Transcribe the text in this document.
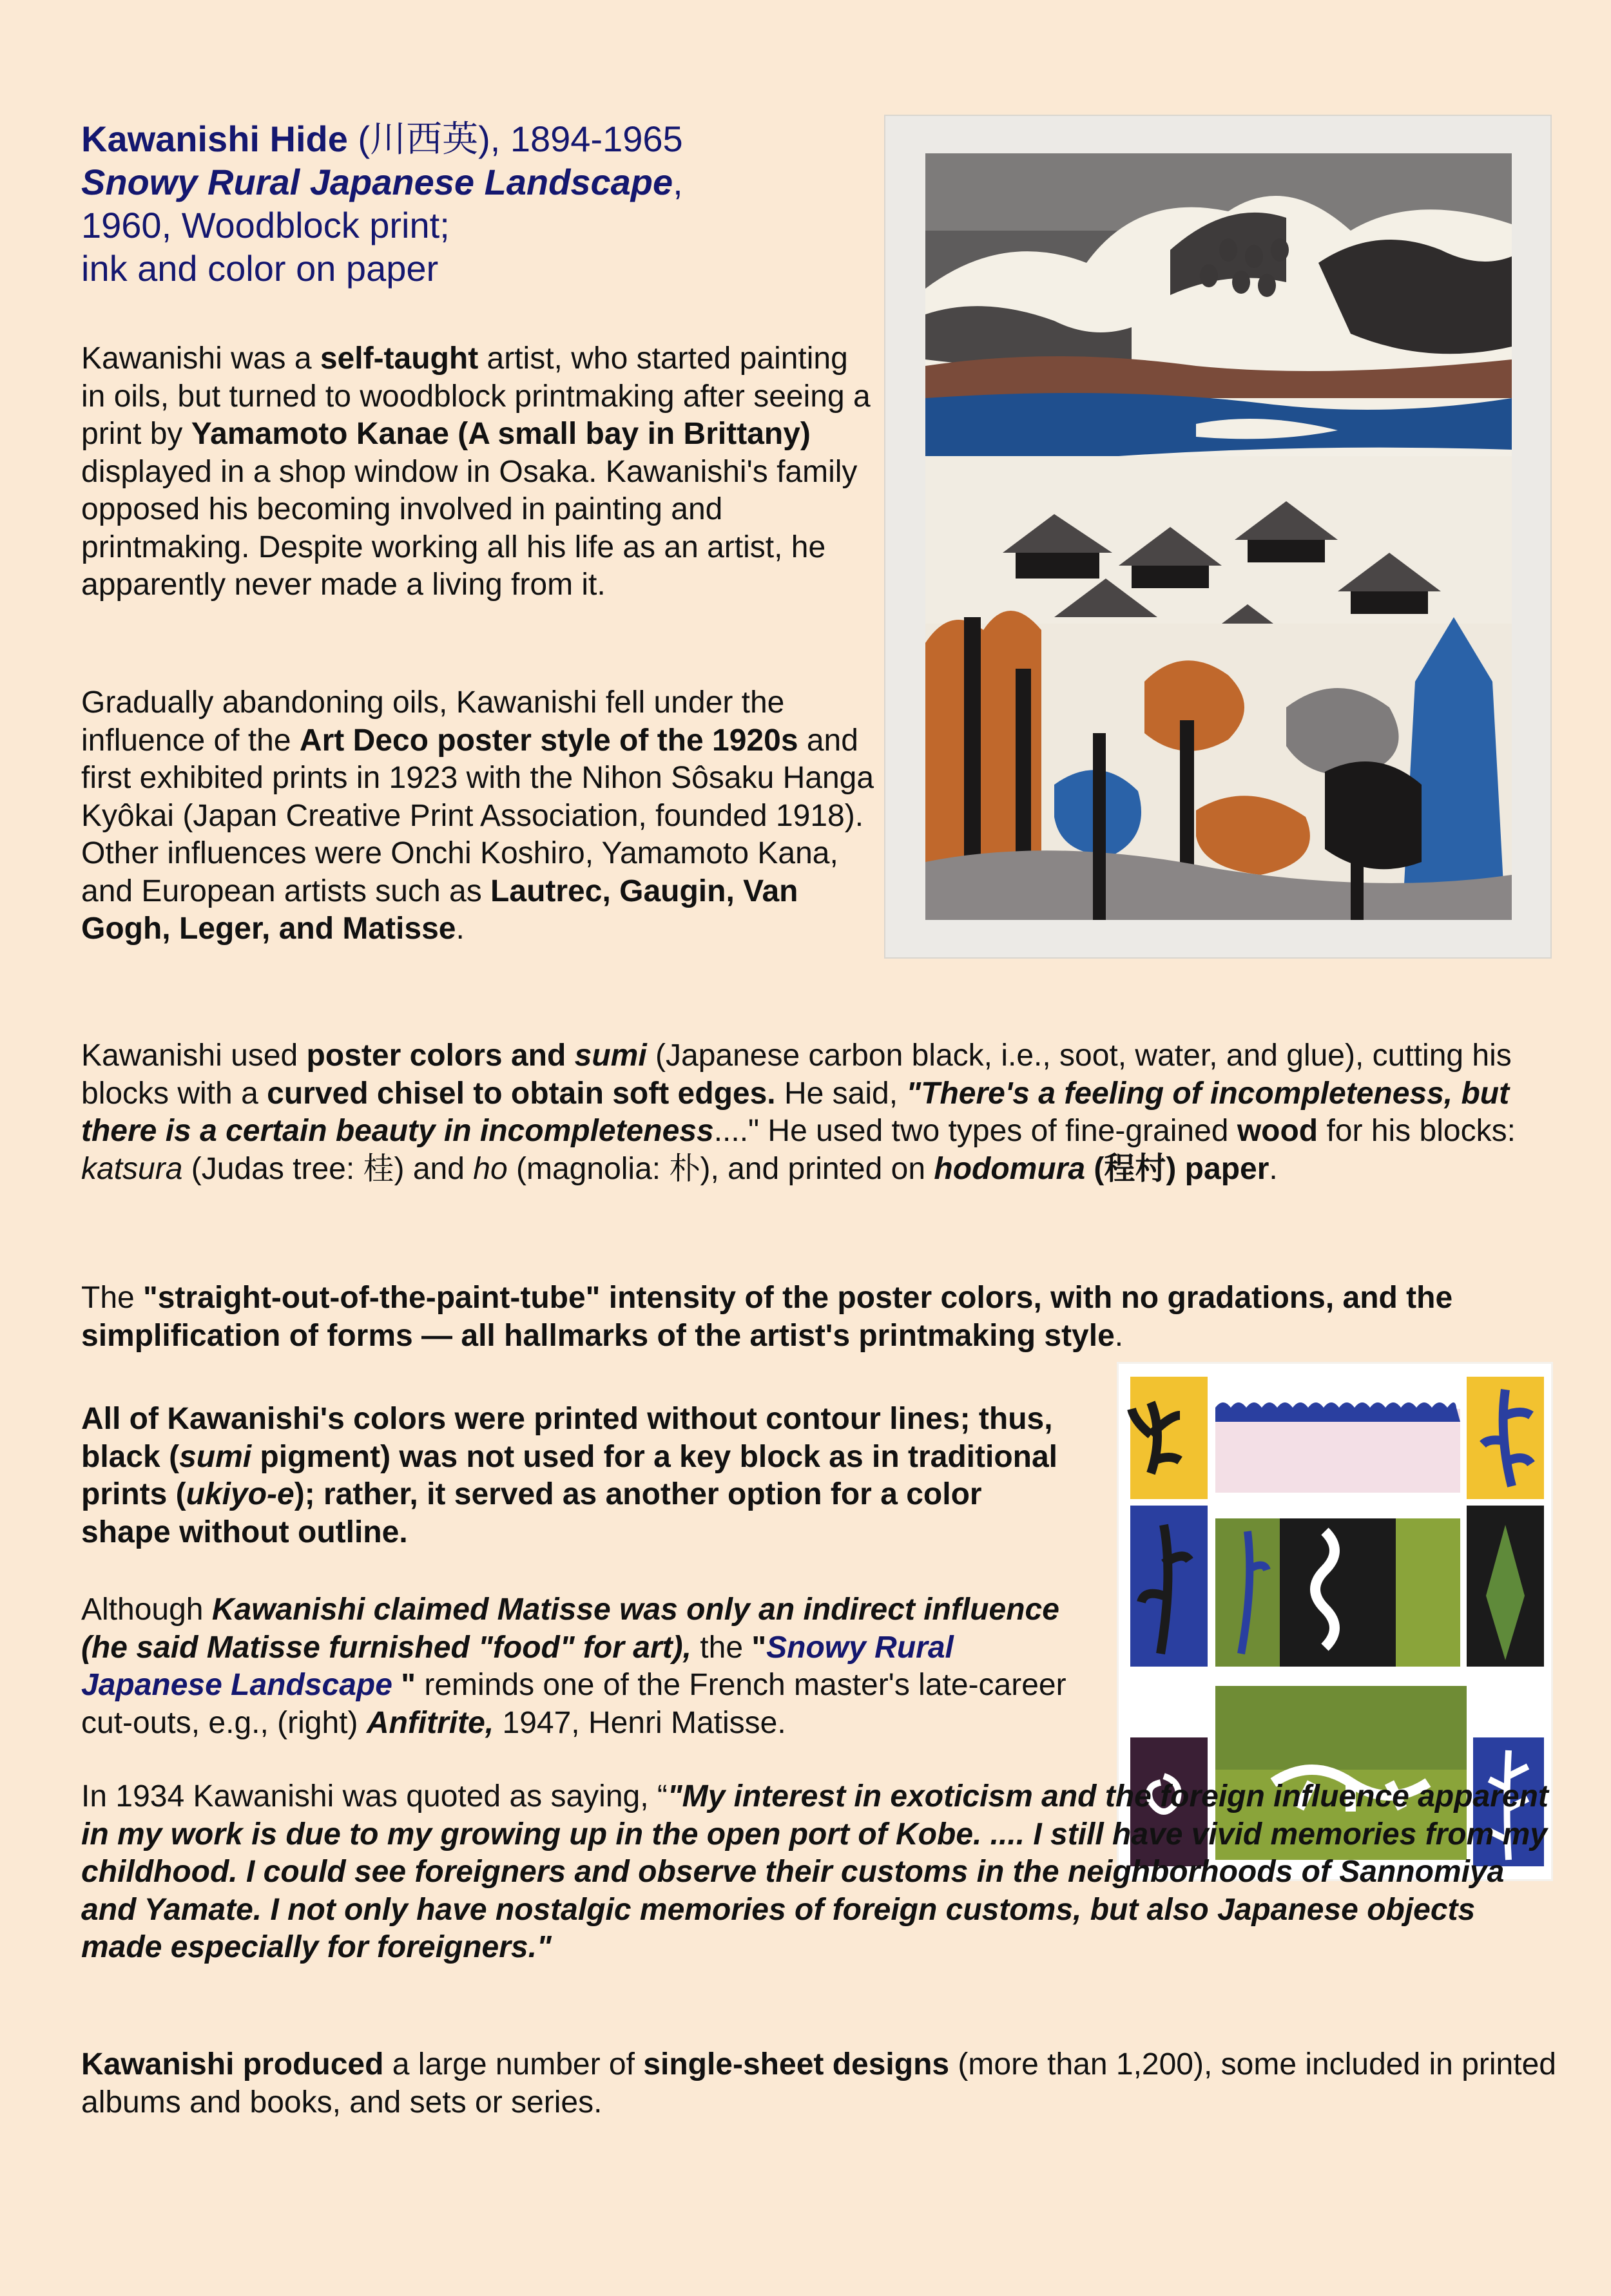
Kawanishi Hide (川西英), 1894-1965
Snowy Rural Japanese Landscape,
1960, Woodblock print;
ink and color on paper
Kawanishi was a self-taught artist, who started painting in oils, but turned to woodblock printmaking after seeing a print by Yamamoto Kanae (A small bay in Brittany) displayed in a shop window in Osaka. Kawanishi's family opposed his becoming involved in painting and printmaking. Despite working all his life as an artist, he apparently never made a living from it.
Gradually abandoning oils, Kawanishi fell under the influence of the Art Deco poster style of the 1920s and first exhibited prints in 1923 with the Nihon Sôsaku Hanga Kyôkai (Japan Creative Print Association, founded 1918). Other influences were Onchi Koshiro, Yamamoto Kana, and European artists such as Lautrec, Gaugin, Van Gogh, Leger, and Matisse.
Kawanishi used poster colors and sumi (Japanese carbon black, i.e., soot, water, and glue), cutting his blocks with a curved chisel to obtain soft edges. He said, "There's a feeling of incompleteness, but there is a certain beauty in incompleteness...." He used two types of fine-grained wood for his blocks: katsura (Judas tree: 桂) and ho (magnolia: 朴), and printed on hodomura (程村) paper.
The "straight-out-of-the-paint-tube" intensity of the poster colors, with no gradations, and the simplification of forms — all hallmarks of the artist's printmaking style.
All of Kawanishi's colors were printed without contour lines; thus, black (sumi pigment) was not used for a key block as in traditional prints (ukiyo-e); rather, it served as another option for a color shape without outline.
Although Kawanishi claimed Matisse was only an indirect influence (he said Matisse furnished "food" for art), the "Snowy Rural Japanese Landscape " reminds one of the French master's late-career cut-outs, e.g., (right) Anfitrite, 1947, Henri Matisse.
In 1934 Kawanishi was quoted as saying, “"My interest in exoticism and the foreign influence apparent in my work is due to my growing up in the open port of Kobe. .... I still have vivid memories from my childhood. I could see foreigners and observe their customs in the neighborhoods of Sannomiya and Yamate. I not only have nostalgic memories of foreign customs, but also Japanese objects made especially for foreigners."
Kawanishi produced a large number of single-sheet designs (more than 1,200), some included in printed albums and books, and sets or series.
